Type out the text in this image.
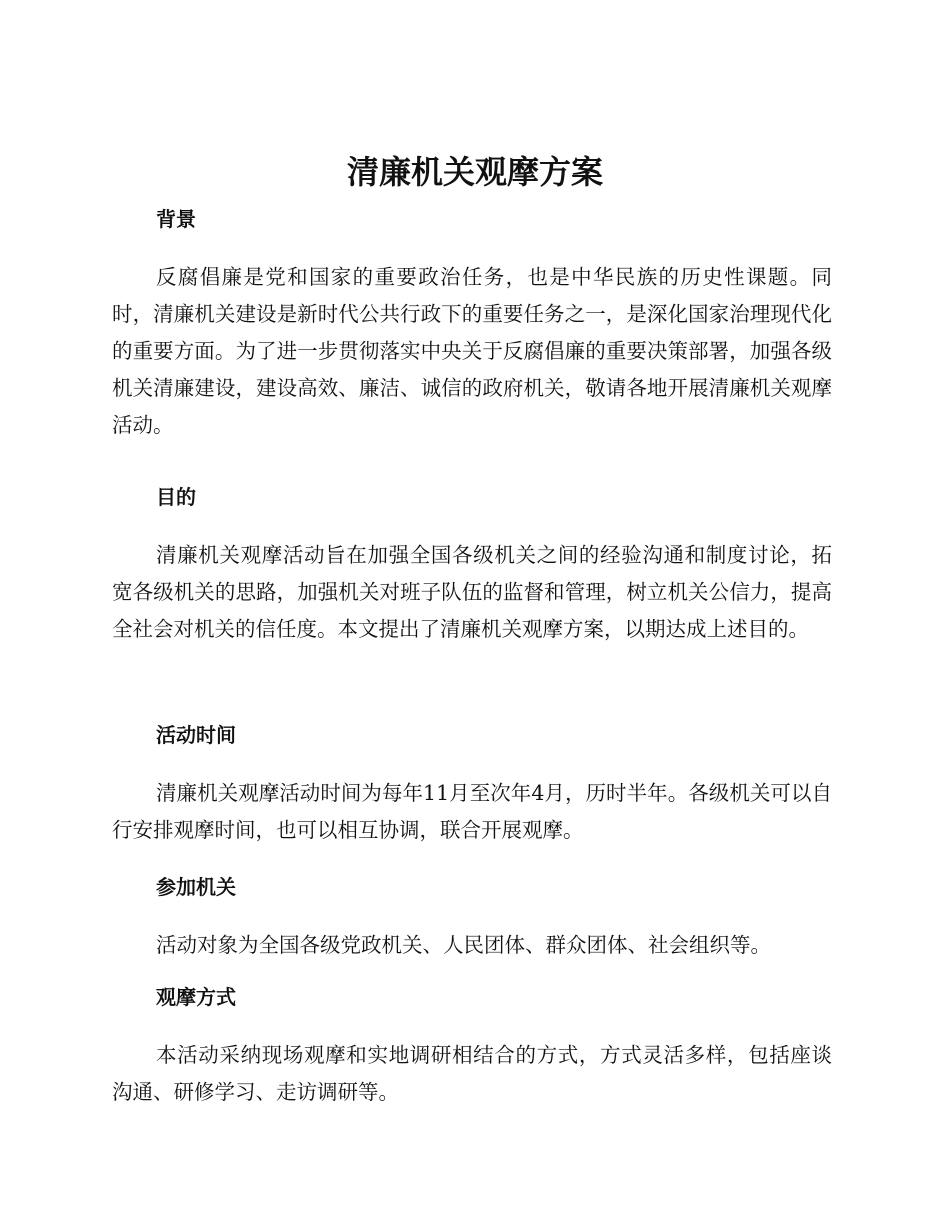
清廉机关观摩方案
背景

反腐倡廉是党和国家的重要政治任务，也是中华民族的历史性课题。同时，清廉机关建设是新时代公共行政下的重要任务之一，是深化国家治理现代化的重要方面。为了进一步贯彻落实中央关于反腐倡廉的重要决策部署，加强各级机关清廉建设，建设高效、廉洁、诚信的政府机关，敬请各地开展清廉机关观摩活动。

目的

清廉机关观摩活动旨在加强全国各级机关之间的经验沟通和制度讨论，拓宽各级机关的思路，加强机关对班子队伍的监督和管理，树立机关公信力，提高全社会对机关的信任度。本文提出了清廉机关观摩方案，以期达成上述目的。

活动时间

清廉机关观摩活动时间为每年11月至次年4月，历时半年。各级机关可以自行安排观摩时间，也可以相互协调，联合开展观摩。

参加机关

活动对象为全国各级党政机关、人民团体、群众团体、社会组织等。

观摩方式

本活动采纳现场观摩和实地调研相结合的方式，方式灵活多样，包括座谈沟通、研修学习、走访调研等。
